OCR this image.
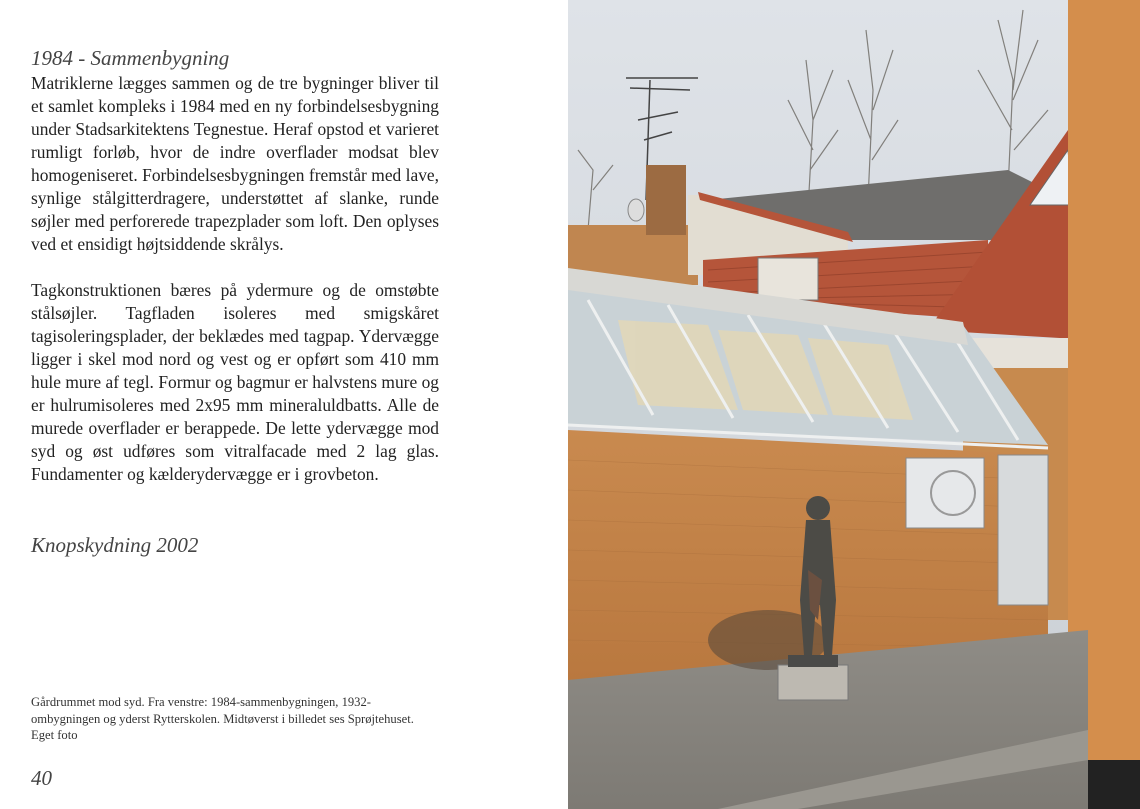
1984 - Sammenbygning

Matriklerne lægges sammen og de tre bygninger bliver til et samlet kompleks i 1984 med en ny forbindelsesbygning under Stadsarkitektens Tegnestue. Heraf opstod et varieret rumligt forløb, hvor de indre overflader modsat blev homogeniseret. Forbindelsesbygningen fremstår med lave, synlige stålgitterdragere, understøttet af slanke, runde søjler med perforerede trapezplader som loft. Den oplyses ved et ensidigt højtsiddende skrålys.

Tagkonstruktionen bæres på ydermure og de omstøbte stålsøjler. Tagfladen isoleres med smigskåret tagisoleringsplader, der beklædes med tagpap. Ydervægge ligger i skel mod nord og vest og er opført som 410 mm hule mure af tegl. Formur og bagmur er halvstens mure og er hulrumisoleres med 2x95 mm mineraluldbatts. Alle de murede overflader er berappede. De lette ydervægge mod syd og øst udføres som vitralfacade med 2 lag glas. Fundamenter og kælderydervægge er i grovbeton.

Knopskydning 2002
Gårdrummet mod syd. Fra venstre: 1984-sammenbygningen, 1932-ombygningen og yderst Rytterskolen. Midtøverst i billedet ses Sprøjtehuset. Eget foto
40
